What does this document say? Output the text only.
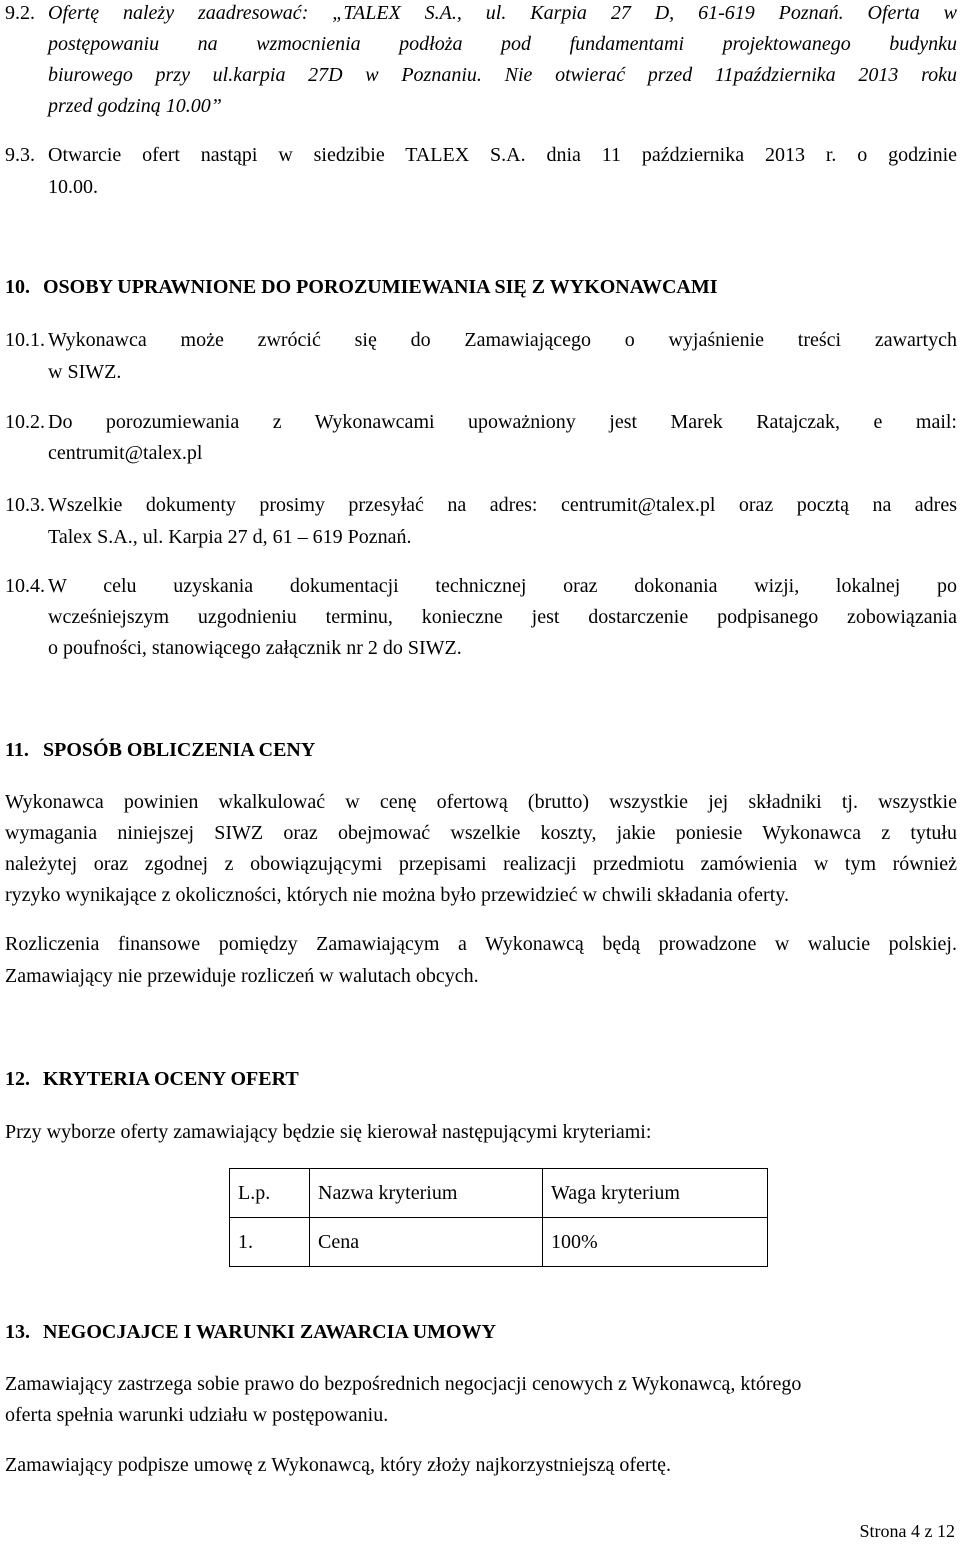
9.2. Ofertę należy zaadresować: „TALEX S.A., ul. Karpia 27 D, 61-619 Poznań. Oferta w
postępowaniu na wzmocnienia podłoża pod fundamentami projektowanego budynku
biurowego przy ul.karpia 27D w Poznaniu. Nie otwierać przed 11października 2013 roku
przed godziną 10.00”
9.3. Otwarcie ofert nastąpi w siedzibie TALEX S.A. dnia 11 października 2013 r. o godzinie
10.00.
10. OSOBY UPRAWNIONE DO POROZUMIEWANIA SIĘ Z WYKONAWCAMI
10.1. Wykonawca może zwrócić się do Zamawiającego o wyjaśnienie treści zawartych
w SIWZ.
10.2. Do porozumiewania z Wykonawcami upoważniony jest Marek Ratajczak, e mail:
centrumit@talex.pl
10.3. Wszelkie dokumenty prosimy przesyłać na adres: centrumit@talex.pl oraz pocztą na adres
Talex S.A., ul. Karpia 27 d, 61 – 619 Poznań.
10.4. W celu uzyskania dokumentacji technicznej oraz dokonania wizji, lokalnej po
wcześniejszym uzgodnieniu terminu, konieczne jest dostarczenie podpisanego zobowiązania
o poufności, stanowiącego załącznik nr 2 do SIWZ.
11. SPOSÓB OBLICZENIA CENY
Wykonawca powinien wkalkulować w cenę ofertową (brutto) wszystkie jej składniki tj. wszystkie
wymagania niniejszej SIWZ oraz obejmować wszelkie koszty, jakie poniesie Wykonawca z tytułu
należytej oraz zgodnej z obowiązującymi przepisami realizacji przedmiotu zamówienia w tym również
ryzyko wynikające z okoliczności, których nie można było przewidzieć w chwili składania oferty.
Rozliczenia finansowe pomiędzy Zamawiającym a Wykonawcą będą prowadzone w walucie polskiej.
Zamawiający nie przewiduje rozliczeń w walutach obcych.
12. KRYTERIA OCENY OFERT
Przy wyborze oferty zamawiający będzie się kierował następującymi kryteriami:
L.p.	Nazwa kryterium	Waga kryterium
1.	Cena	100%
13. NEGOCJAJCE I WARUNKI ZAWARCIA UMOWY
Zamawiający zastrzega sobie prawo do bezpośrednich negocjacji cenowych z Wykonawcą, którego
oferta spełnia warunki udziału w postępowaniu.
Zamawiający podpisze umowę z Wykonawcą, który złoży najkorzystniejszą ofertę.
Strona 4 z 12
